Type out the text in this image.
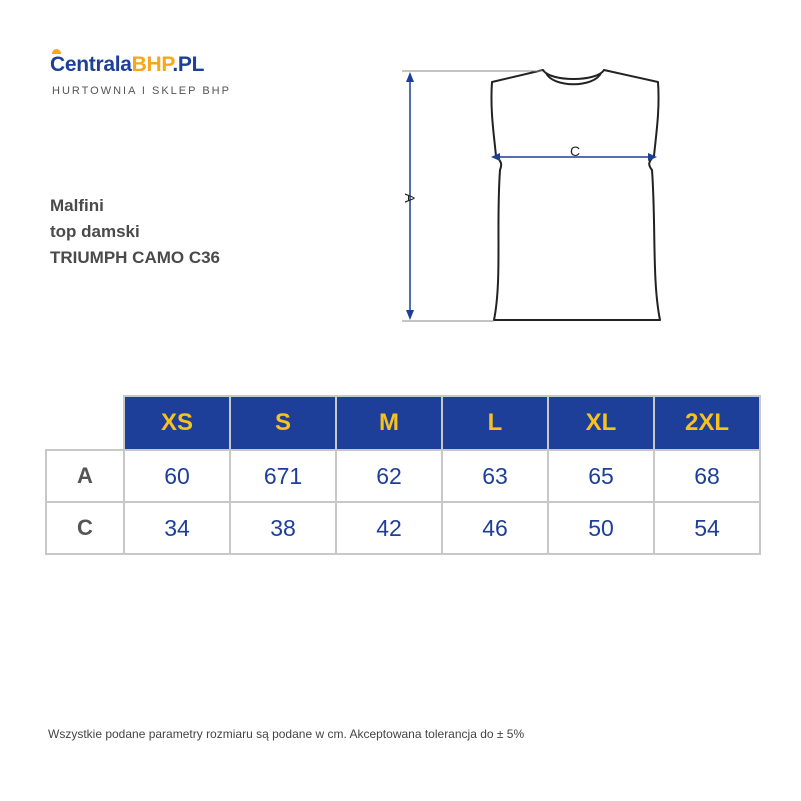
CentralaBHP.PL
HURTOWNIA I SKLEP BHP
Malfini
top damski
TRIUMPH CAMO C36
A
C
	XS	S	M	L	XL	2XL
A	60	671	62	63	65	68
C	34	38	42	46	50	54
Wszystkie podane parametry rozmiaru są podane w cm. Akceptowana tolerancja do ± 5%
